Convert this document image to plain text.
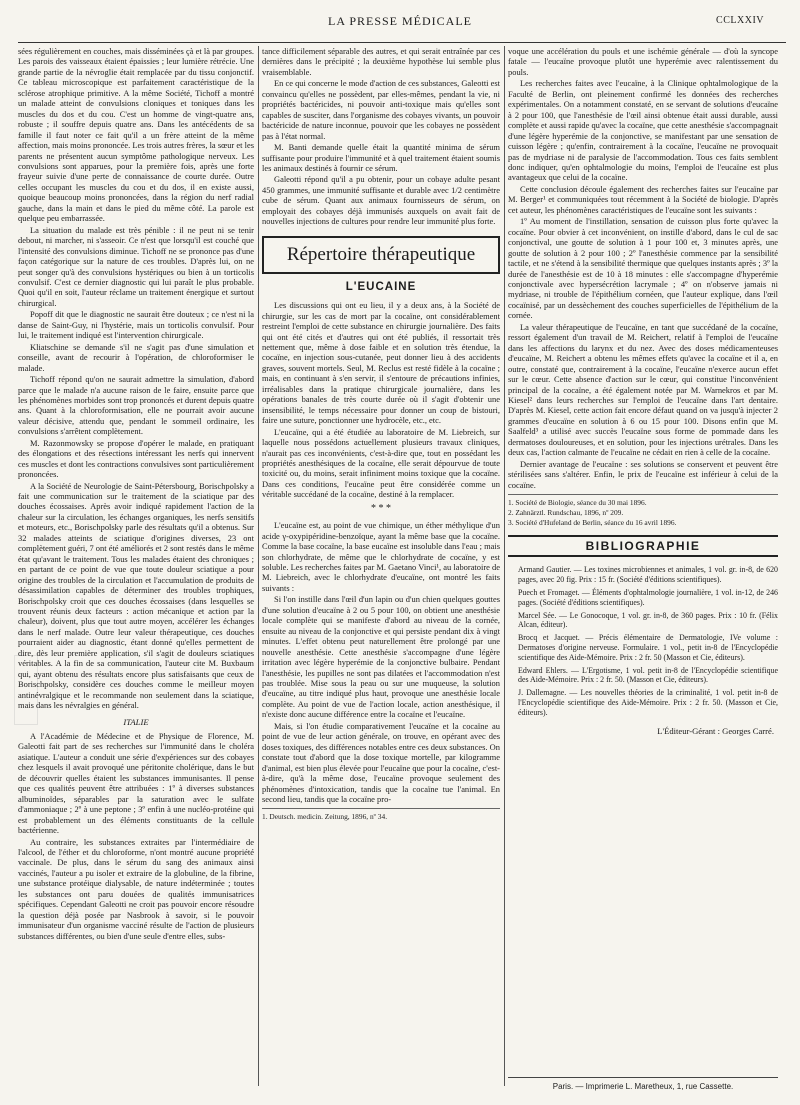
LA PRESSE MÉDICALE	CCLXXIV

sées régulièrement en couches, mais disséminées çà et là par groupes. Les parois des vaisseaux étaient épaissies ; leur lumière rétrécie. Une grande partie de la névroglie était remplacée par du tissu conjonctif. Ce tableau microscopique est parfaitement caractéristique de la sclérose atrophique primitive. A la même Société, Tichoff a montré un malade atteint de convulsions cloniques et toniques dans les muscles du dos et du cou. C'est un homme de vingt-quatre ans, robuste ; il souffre depuis quatre ans. Dans les antécédents de sa famille il faut noter ce fait qu'il a un frère atteint de la même affection, mais moins prononcée. Les trois autres frères, la sœur et les parents ne présentent aucun symptôme pathologique nerveux. Les convulsions sont apparues, pour la première fois, après une forte frayeur suivie d'une perte de connaissance de courte durée. Outre celles occupant les muscles du cou et du dos, il en existe aussi, quoique beaucoup moins prononcées, dans la région du nerf radial gauche, dans la main et dans le pied du même côté. La parole est quelque peu embarrassée.

La situation du malade est très pénible : il ne peut ni se tenir debout, ni marcher, ni s'asseoir. Ce n'est que lorsqu'il est couché que l'intensité des convulsions diminue. Tichoff ne se prononce pas d'une façon catégorique sur la nature de ces troubles. D'après lui, on ne peut songer qu'à des convulsions hystériques ou bien à un torticolis convulsif. C'est ce dernier diagnostic qui lui paraît le plus probable. Quoi qu'il en soit, l'auteur réclame un traitement énergique et surtout chirurgical.

Popoff dit que le diagnostic ne saurait être douteux ; ce n'est ni la danse de Saint-Guy, ni l'hystérie, mais un torticolis convulsif. Pour lui, le traitement indiqué est l'intervention chirurgicale.

Kliatschine se demande s'il ne s'agit pas d'une simulation et conseille, avant de recourir à l'opération, de chloroformiser le malade.

Tichoff répond qu'on ne saurait admettre la simulation, d'abord parce que le malade n'a aucune raison de le faire, ensuite parce que les phénomènes morbides sont trop prononcés et durent depuis quatre ans. Quant à la chloroformisation, elle ne pourrait avoir aucune valeur décisive, attendu que, pendant le sommeil ordinaire, les convulsions s'arrêtent complètement.

M. Razonmowsky se propose d'opérer le malade, en pratiquant des élongations et des résections intéressant les nerfs qui innervent ces muscles et dont les contractions convulsives sont particulièrement prononcées.

A la Société de Neurologie de Saint-Pétersbourg, Borischpolsky a fait une communication sur le traitement de la sciatique par des douches écossaises. Après avoir indiqué rapidement l'action de la chaleur sur la circulation, les échanges organiques, les nerfs sensitifs et moteurs, etc., Borischpolsky parle des résultats qu'il a obtenus. Sur 32 malades atteints de sciatique d'origines diverses, 23 ont complètement guéri, 7 ont été améliorés et 2 sont restés dans le même état qu'avant le traitement. Tous les malades étaient des chroniques ; en partant de ce point de vue que toute douleur sciatique a pour origine des troubles de la circulation et l'accumulation de produits de désassimilation capables de déterminer des troubles trophiques, Borischpolsky croit que ces douches écossaises (dans lesquelles se trouvent réunis deux facteurs : action mécanique et action par la chaleur), doivent, plus que tout autre moyen, accélérer les échanges dans le nerf malade. Outre leur valeur thérapeutique, ces douches pourraient aider au diagnostic, étant donné qu'elles permettent de dire, dès leur première application, s'il s'agit de douleurs sciatiques véritables. A la fin de sa communication, l'auteur cite M. Buxbaum qui, ayant obtenu des résultats encore plus satisfaisants que ceux de Borischpolsky, considère ces douches comme le meilleur moyen antinévralgique et le recommande non seulement dans la sciatique, mais dans les névralgies en général.

ITALIE

A l'Académie de Médecine et de Physique de Florence, M. Galeotti fait part de ses recherches sur l'immunité dans le choléra asiatique. L'auteur a conduit une série d'expériences sur des cobayes chez lesquels il avait provoqué une péritonite cholérique, dans le but de découvrir quelles étaient les substances immunisantes. Il pense que ces qualités peuvent être attribuées : 1º à diverses substances albuminoïdes, séparables par la saturation avec le sulfate d'ammoniaque ; 2º à une peptone ; 3º enfin à une nucléo-protéine qui est probablement un des éléments constituants de la cellule bactérienne.

Au contraire, les substances extraites par l'intermédiaire de l'alcool, de l'éther et du chloroforme, n'ont montré aucune propriété vaccinale. De plus, dans le sérum du sang des animaux ainsi vaccinés, l'auteur a pu isoler et extraire de la globuline, de la fibrine, une substance protéique dialysable, de nature indéterminée ; toutes les substances ont paru douées de qualités immunisatrices spécifiques. Cependant Galeotti ne croit pas pouvoir encore résoudre la question déjà posée par Nasbrook à savoir, si le pouvoir immunisateur d'un organisme vacciné résulte de l'action de plusieurs substances différentes, ou bien d'une seule d'entre elles, subs-

tance difficilement séparable des autres, et qui serait entraînée par ces dernières dans le précipité ; la deuxième hypothèse lui semble plus vraisemblable.

En ce qui concerne le mode d'action de ces substances, Galeotti est convaincu qu'elles ne possèdent, par elles-mêmes, pendant la vie, ni propriétés bactéricides, ni pouvoir anti-toxique mais qu'elles sont capables de susciter, dans l'organisme des cobayes vivants, un pouvoir bactéricide de nature inconnue, pouvoir que les cobayes ne possèdent pas à l'état normal.

M. Banti demande quelle était la quantité minima de sérum suffisante pour produire l'immunité et à quel traitement étaient soumis les animaux destinés à fournir ce sérum.

Galeotti répond qu'il a pu obtenir, pour un cobaye adulte pesant 450 grammes, une immunité suffisante et durable avec 1/2 centimètre cube de sérum. Quant aux animaux fournisseurs de sérum, on employait des cobayes déjà immunisés auxquels on avait fait de nouvelles injections de cultures pour rendre leur immunité plus forte.

Répertoire thérapeutique
L'EUCAINE

Les discussions qui ont eu lieu, il y a deux ans, à la Société de chirurgie, sur les cas de mort par la cocaïne, ont considérablement restreint l'emploi de cette substance en chirurgie journalière. Des faits qui ont été cités et d'autres qui ont été publiés, il ressortait très nettement que, même à dose faible et en solution très étendue, la cocaïne, en injection sous-cutanée, peut donner lieu à des accidents graves, souvent mortels. Seul, M. Reclus est resté fidèle à la cocaïne ; mais, en continuant à s'en servir, il s'entoure de précautions infinies, irréalisables dans la pratique chirurgicale journalière, dans les opérations banales de très courte durée où il s'agit d'obtenir une insensibilité, le temps nécessaire pour donner un coup de bistouri, faire une suture, ponctionner une hydrocèle, etc., etc.

L'eucaïne, qui a été étudiée au laboratoire de M. Liebreich, sur laquelle nous possédons actuellement plusieurs travaux cliniques, n'aurait pas ces inconvénients, c'est-à-dire que, tout en possédant les propriétés anesthésiques de la cocaïne, elle serait dépourvue de toute toxicité ou, du moins, serait infiniment moins toxique que la cocaïne. Dans ces conditions, l'eucaïne peut être considérée comme un véritable succédané de la cocaïne, destiné à la remplacer.

* * *

L'eucaïne est, au point de vue chimique, un éther méthylique d'un acide γ-oxypipéridine-benzoïque, ayant la même base que la cocaïne. Comme la base cocaïne, la base eucaïne est insoluble dans l'eau ; mais son chlorhydrate, de même que le chlorhydrate de cocaïne, y est soluble. Les recherches faites par M. Gaetano Vinci¹, au laboratoire de M. Liebreich, avec le chlorhydrate d'eucaïne, ont montré les faits suivants :

Si l'on instille dans l'œil d'un lapin ou d'un chien quelques gouttes d'une solution d'eucaïne à 2 ou 5 pour 100, on obtient une anesthésie locale complète qui se manifeste d'abord au niveau de la cornée, ensuite au niveau de la conjonctive et qui persiste pendant dix à vingt minutes. L'effet obtenu peut naturellement être prolongé par une nouvelle anesthésie. Cette anesthésie s'accompagne d'une légère irritation avec légère hyperémie de la conjonctive bulbaire. Pendant l'anesthésie, les pupilles ne sont pas dilatées et l'accommodation n'est pas troublée. Mise sous la peau ou sur une muqueuse, la solution d'eucaïne, au titre indiqué plus haut, provoque une anesthésie locale complète. Au point de vue de l'action locale, action anesthésique, il n'existe donc aucune différence entre la cocaïne et l'eucaïne.

Mais, si l'on étudie comparativement l'eucaïne et la cocaïne au point de vue de leur action générale, on trouve, en opérant avec des doses toxiques, des différences notables entre ces deux substances. On constate tout d'abord que la dose toxique mortelle, par kilogramme d'animal, est bien plus élevée pour l'eucaïne que pour la cocaïne, c'est-à-dire, qu'à la même dose, l'eucaïne provoque seulement des phénomènes d'intoxication, tandis que la cocaïne tue l'animal. En second lieu, tandis que la cocaïne pro-

1. Deutsch. medicin. Zeitung, 1896, nº 34.

voque une accélération du pouls et une ischémie générale — d'où la syncope fatale — l'eucaïne provoque plutôt une hyperémie avec ralentissement du pouls.

Les recherches faites avec l'eucaïne, à la Clinique ophtalmologique de la Faculté de Berlin, ont pleinement confirmé les données des recherches expérimentales. On a notamment constaté, en se servant de solutions d'eucaïne à 2 pour 100, que l'anesthésie de l'œil ainsi obtenue était aussi durable, aussi complète et aussi rapide qu'avec la cocaïne, que cette anesthésie s'accompagnait d'une légère hyperémie de la conjonctive, se manifestant par une sensation de cuisson légère ; qu'enfin, contrairement à la cocaïne, l'eucaïne ne provoquait pas de mydriase ni de paralysie de l'accommodation. Tous ces faits semblent donc indiquer, qu'en ophtalmologie du moins, l'emploi de l'eucaïne est plus avantageux que celui de la cocaïne.

Cette conclusion découle également des recherches faites sur l'eucaïne par M. Berger¹ et communiquées tout récemment à la Société de biologie. D'après cet auteur, les phénomènes caractéristiques de l'eucaïne sont les suivants :

1º Au moment de l'instillation, sensation de cuisson plus forte qu'avec la cocaïne. Pour obvier à cet inconvénient, on instille d'abord, dans le cul de sac conjonctival, une goutte de solution à 1 pour 100 et, 3 minutes après, une goutte de solution à 2 pour 100 ; 2º l'anesthésie commence par la sensibilité tactile, et ne s'étend à la sensibilité thermique que quelques instants après ; 3º la durée de l'anesthésie est de 10 à 18 minutes : elle s'accompagne d'hyperémie conjonctivale avec hypersécrétion lacrymale ; 4º on n'observe jamais ni mydriase, ni trouble de l'épithélium cornéen, que l'auteur explique, dans l'œil cocaïnisé, par un dessèchement des couches superficielles de l'épithélium de la cornée.

La valeur thérapeutique de l'eucaïne, en tant que succédané de la cocaïne, ressort également d'un travail de M. Reichert, relatif à l'emploi de l'eucaïne dans les affections du larynx et du nez. Avec des doses médicamenteuses d'eucaïne, M. Reichert a obtenu les mêmes effets qu'avec la cocaïne et il a, en outre, constaté que, contrairement à la cocaïne, l'eucaïne n'exerce aucun effet sur le cœur. Cette absence d'action sur le cœur, qui constitue l'inconvénient principal de la cocaïne, a été également notée par M. Warnekros et par M. Kiesel² dans leurs recherches sur l'emploi de l'eucaïne dans l'art dentaire. D'après M. Kiesel, cette action fait encore défaut quand on va jusqu'à injecter 2 grammes d'eucaïne en solution à 6 ou 15 pour 100. Disons enfin que M. Saalfeld³ a utilisé avec succès l'eucaïne sous forme de pommade dans les dermatoses douloureuses, et en solution, pour les injections urétrales. Dans les deux cas, l'action calmante de l'eucaïne ne cédait en rien à celle de la cocaïne.

Dernier avantage de l'eucaïne : ses solutions se conservent et peuvent être stérilisées sans s'altérer. Enfin, le prix de l'eucaïne est inférieur à celui de la cocaïne.

1. Société de Biologie, séance du 30 mai 1896.

2. Zahnärztl. Rundschau, 1896, nº 209.

3. Société d'Hufeland de Berlin, séance du 16 avril 1896.

BIBLIOGRAPHIE

Armand Gautier. — Les toxines microbiennes et animales, 1 vol. gr. in-8, de 620 pages, avec 20 fig. Prix : 15 fr. (Société d'éditions scientifiques).

Puech et Fromaget. — Éléments d'ophtalmologie journalière, 1 vol. in-12, de 246 pages. (Société d'éditions scientifiques).

Marcel Sée. — Le Gonocoque, 1 vol. gr. in-8, de 360 pages. Prix : 10 fr. (Félix Alcan, éditeur).

Brocq et Jacquet. — Précis élémentaire de Dermatologie, IVe volume : Dermatoses d'origine nerveuse. Formulaire. 1 vol., petit in-8 de l'Encyclopédie scientifique des Aide-Mémoire. Prix : 2 fr. 50 (Masson et Cie, éditeurs).

Edward Ehlers. — L'Ergotisme, 1 vol. petit in-8 de l'Encyclopédie scientifique des Aide-Mémoire. Prix : 2 fr. 50. (Masson et Cie, éditeurs).

J. Dallemagne. — Les nouvelles théories de la criminalité, 1 vol. petit in-8 de l'Encyclopédie scientifique des Aide-Mémoire. Prix : 2 fr. 50. (Masson et Cie, éditeurs).

L'Éditeur-Gérant : Georges Carré.
Paris. — Imprimerie L. Maretheux, 1, rue Cassette.
